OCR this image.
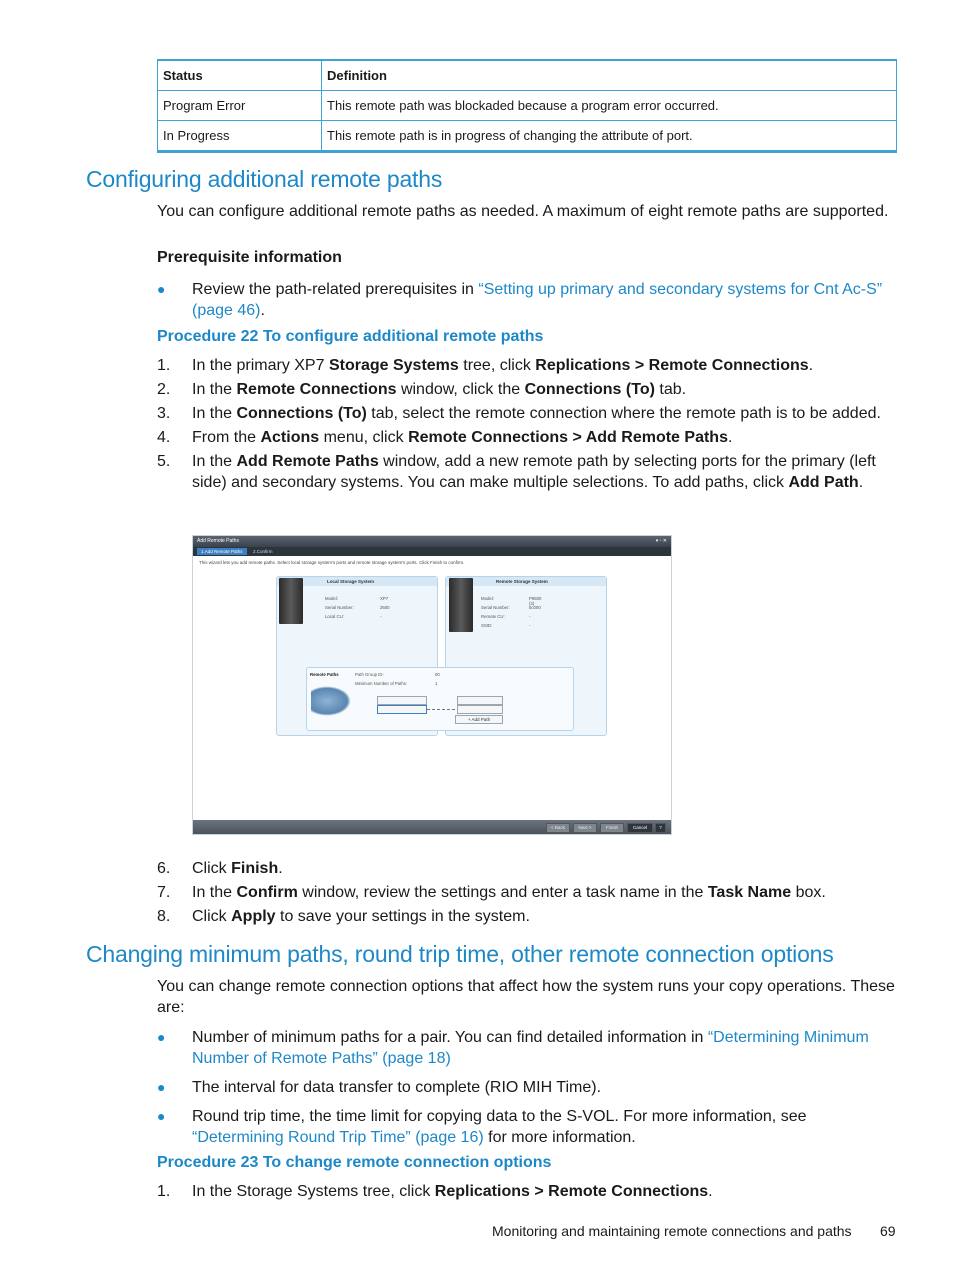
Status	Definition
Program Error	This remote path was blockaded because a program error occurred.
In Progress	This remote path is in progress of changing the attribute of port.
Configuring additional remote paths
You can configure additional remote paths as needed. A maximum of eight remote paths are supported.
Prerequisite information
● Review the path-related prerequisites in “Setting up primary and secondary systems for Cnt Ac-S” (page 46).
Procedure 22 To configure additional remote paths
1. In the primary XP7 Storage Systems tree, click Replications > Remote Connections.
2. In the Remote Connections window, click the Connections (To) tab.
3. In the Connections (To) tab, select the remote connection where the remote path is to be added.
4. From the Actions menu, click Remote Connections > Add Remote Paths.
5. In the Add Remote Paths window, add a new remote path by selecting ports for the primary (left side) and secondary systems. You can make multiple selections. To add paths, click Add Path.
Add Remote Paths	▾ ▫ ✕
1.Add Remote Paths	2.Confirm
This wizard lets you add remote paths. Select local storage system's ports and remote storage system's ports. Click Finish to confirm.
Local Storage System
Model:	XP7
Serial Number:	2600
Local CU:	-
Remote Storage System
Model:	P9500 (3)
Serial Number:	5c000
Remote CU:	-
SSID:	-
Remote Paths	Path Group ID:	00
Minimum Number of Paths:	1
+ Add Path
< Back	Next >	Finish	Cancel	?
6. Click Finish.
7. In the Confirm window, review the settings and enter a task name in the Task Name box.
8. Click Apply to save your settings in the system.
Changing minimum paths, round trip time, other remote connection options
You can change remote connection options that affect how the system runs your copy operations. These are:
● Number of minimum paths for a pair. You can find detailed information in “Determining Minimum Number of Remote Paths” (page 18)
● The interval for data transfer to complete (RIO MIH Time).
● Round trip time, the time limit for copying data to the S-VOL. For more information, see “Determining Round Trip Time” (page 16) for more information.
Procedure 23 To change remote connection options
1. In the Storage Systems tree, click Replications > Remote Connections.
Monitoring and maintaining remote connections and paths 69
